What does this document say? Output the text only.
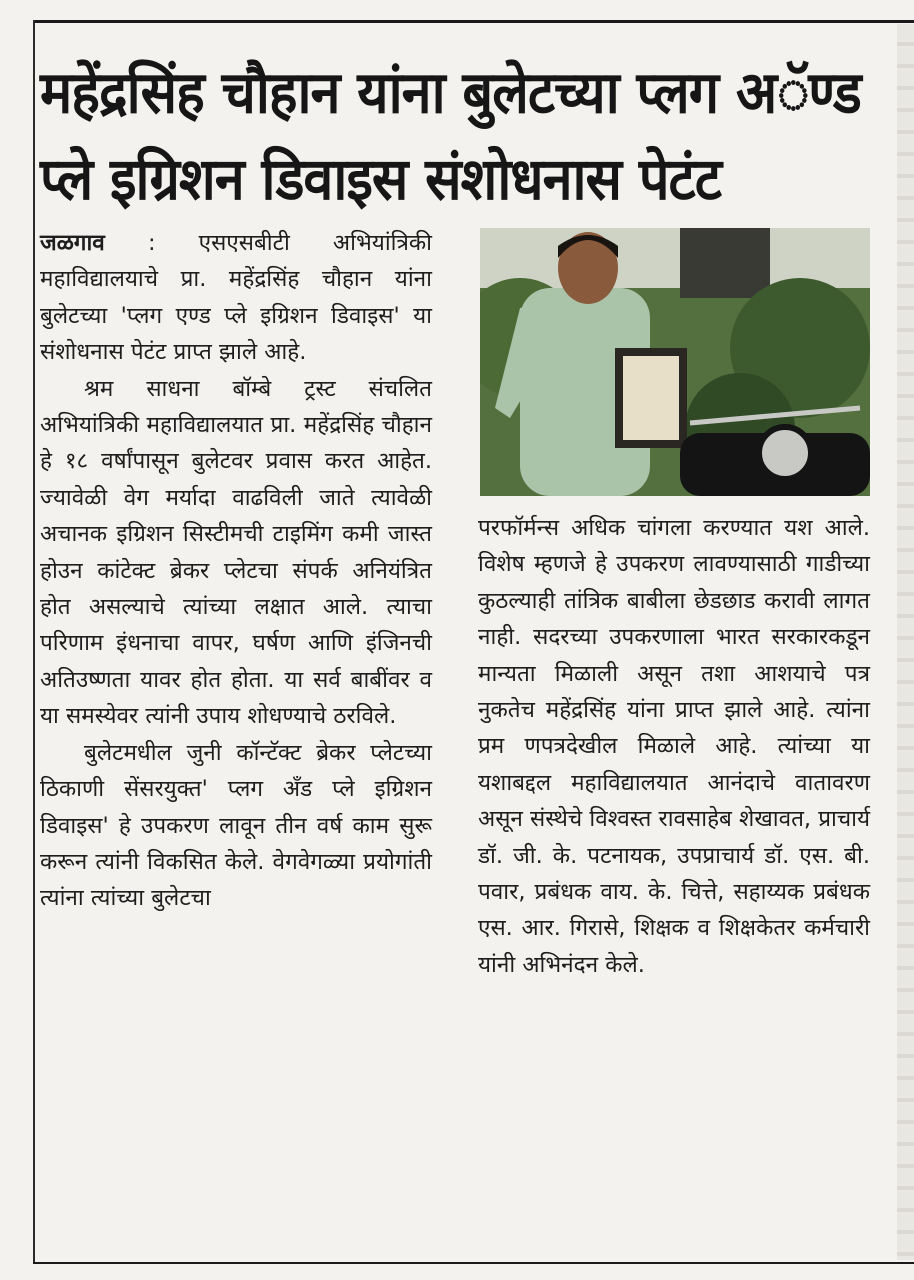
महेंद्रसिंह चौहान यांना बुलेटच्या प्लग अॅण्ड प्ले इग्रिशन डिवाइस संशोधनास पेटंट

जळगाव : एसएसबीटी अभियांत्रिकी महाविद्यालयाचे प्रा. महेंद्रसिंह चौहान यांना बुलेटच्या 'प्लग एण्ड प्ले इग्रिशन डिवाइस' या संशोधनास पेटंट प्राप्त झाले आहे.

श्रम साधना बॉम्बे ट्रस्ट संचलित अभियांत्रिकी महाविद्यालयात प्रा. महेंद्रसिंह चौहान हे १८ वर्षांपासून बुलेटवर प्रवास करत आहेत. ज्यावेळी वेग मर्यादा वाढविली जाते त्यावेळी अचानक इग्रिशन सिस्टीमची टाइमिंग कमी जास्त होउन कांटेक्ट ब्रेकर प्लेटचा संपर्क अनियंत्रित होत असल्याचे त्यांच्या लक्षात आले. त्याचा परिणाम इंधनाचा वापर, घर्षण आणि इंजिनची अतिउष्णता यावर होत होता. या सर्व बाबींवर व या समस्येवर त्यांनी उपाय शोधण्याचे ठरविले.

बुलेटमधील जुनी कॉन्टॅक्ट ब्रेकर प्लेटच्या ठिकाणी सेंसरयुक्त' प्लग अँड प्ले इग्रिशन डिवाइस' हे उपकरण लावून तीन वर्ष काम सुरू करून त्यांनी विकसित केले. वेगवेगळ्या प्रयोगांती त्यांना त्यांच्या बुलेटचा

परफॉर्मन्स अधिक चांगला करण्यात यश आले. विशेष म्हणजे हे उपकरण लावण्यासाठी गाडीच्या कुठल्याही तांत्रिक बाबीला छेडछाड करावी लागत नाही. सदरच्या उपकरणाला भारत सरकारकडून मान्यता मिळाली असून तशा आशयाचे पत्र नुकतेच महेंद्रसिंह यांना प्राप्त झाले आहे. त्यांना प्रम णपत्रदेखील मिळाले आहे. त्यांच्या या यशाबद्दल महाविद्यालयात आनंदाचे वातावरण असून संस्थेचे विश्वस्त रावसाहेब शेखावत, प्राचार्य डॉ. जी. के. पटनायक, उपप्राचार्य डॉ. एस. बी. पवार, प्रबंधक वाय. के. चित्ते, सहाय्यक प्रबंधक एस. आर. गिरासे, शिक्षक व शिक्षकेतर कर्मचारी यांनी अभिनंदन केले.
